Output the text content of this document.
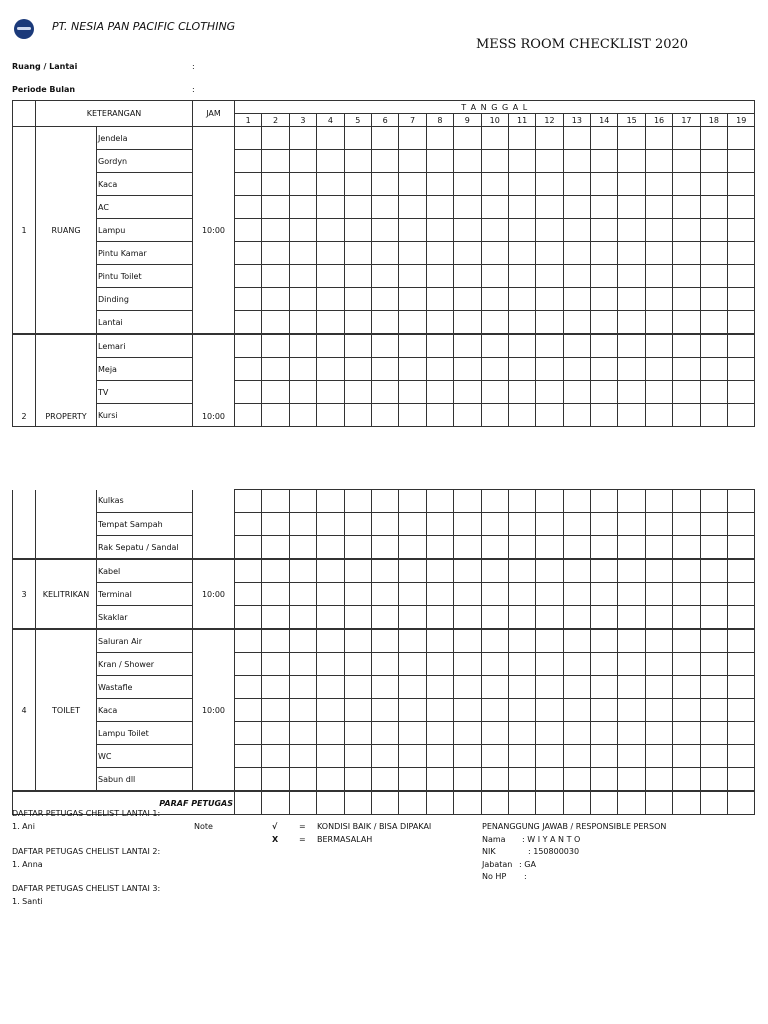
PT. NESIA PAN PACIFIC CLOTHING
MESS ROOM CHECKLIST 2020
Ruang / Lantai	:
Periode Bulan	:
	KETERANGAN		JAM	T A N G G A L																		
				1	2	3	4	5	6	7	8	9	10	11	12	13	14	15	16	17	18	19
1	RUANG	Jendela	10:00																			
		Gordyn																				
		Kaca																				
		AC																				
		Lampu																				
		Pintu Kamar																				
		Pintu Toilet																				
		Dinding																				
		Lantai																				
2	PROPERTY	Lemari	10:00																			
		Meja																				
		TV																				
		Kursi																				

		Kulkas																				
		Tempat Sampah																				
		Rak Sepatu / Sandal																				
3	KELITRIKAN	Kabel	10:00																			
		Terminal																				
		Skaklar																				
4	TOILET	Saluran Air	10:00																			
		Kran / Shower																				
		Wastafle																				
		Kaca																				
		Lampu Toilet																				
		WC																				
		Sabun dll																				
PARAF PETUGAS																						
DAFTAR PETUGAS CHELIST LANTAI 1:
1. Ani
DAFTAR PETUGAS CHELIST LANTAI 2:
1. Anna
DAFTAR PETUGAS CHELIST LANTAI 3:
1. Santi
Note	√	= KONDISI BAIK / BISA DIPAKAI
X	= BERMASALAH
PENANGGUNG JAWAB / RESPONSIBLE PERSON
Nama : W I Y A N T O
NIK	: 150800030
Jabatan : GA
No HP :
